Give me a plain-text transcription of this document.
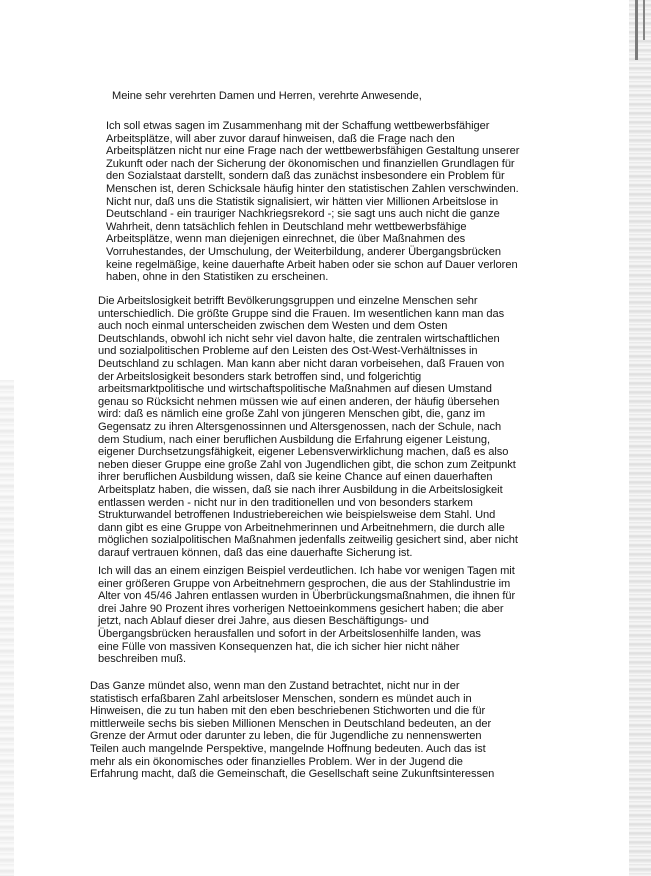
Meine sehr verehrten Damen und Herren, verehrte Anwesende,

Ich soll etwas sagen im Zusammenhang mit der Schaffung wettbewerbsfähiger
Arbeitsplätze, will aber zuvor darauf hinweisen, daß die Frage nach den
Arbeitsplätzen nicht nur eine Frage nach der wettbewerbsfähigen Gestaltung unserer
Zukunft oder nach der Sicherung der ökonomischen und finanziellen Grundlagen für
den Sozialstaat darstellt, sondern daß das zunächst insbesondere ein Problem für
Menschen ist, deren Schicksale häufig hinter den statistischen Zahlen verschwinden.
Nicht nur, daß uns die Statistik signalisiert, wir hätten vier Millionen Arbeitslose in
Deutschland - ein trauriger Nachkriegsrekord -; sie sagt uns auch nicht die ganze
Wahrheit, denn tatsächlich fehlen in Deutschland mehr wettbewerbsfähige
Arbeitsplätze, wenn man diejenigen einrechnet, die über Maßnahmen des
Vorruhestandes, der Umschulung, der Weiterbildung, anderer Übergangsbrücken
keine regelmäßige, keine dauerhafte Arbeit haben oder sie schon auf Dauer verloren
haben, ohne in den Statistiken zu erscheinen.
Die Arbeitslosigkeit betrifft Bevölkerungsgruppen und einzelne Menschen sehr
unterschiedlich. Die größte Gruppe sind die Frauen. Im wesentlichen kann man das
auch noch einmal unterscheiden zwischen dem Westen und dem Osten
Deutschlands, obwohl ich nicht sehr viel davon halte, die zentralen wirtschaftlichen
und sozialpolitischen Probleme auf den Leisten des Ost-West-Verhältnisses in
Deutschland zu schlagen. Man kann aber nicht daran vorbeisehen, daß Frauen von
der Arbeitslosigkeit besonders stark betroffen sind, und folgerichtig
arbeitsmarktpolitische und wirtschaftspolitische Maßnahmen auf diesen Umstand
genau so Rücksicht nehmen müssen wie auf einen anderen, der häufig übersehen
wird: daß es nämlich eine große Zahl von jüngeren Menschen gibt, die, ganz im
Gegensatz zu ihren Altersgenossinnen und Altersgenossen, nach der Schule, nach
dem Studium, nach einer beruflichen Ausbildung die Erfahrung eigener Leistung,
eigener Durchsetzungsfähigkeit, eigener Lebensverwirklichung machen, daß es also
neben dieser Gruppe eine große Zahl von Jugendlichen gibt, die schon zum Zeitpunkt
ihrer beruflichen Ausbildung wissen, daß sie keine Chance auf einen dauerhaften
Arbeitsplatz haben, die wissen, daß sie nach ihrer Ausbildung in die Arbeitslosigkeit
entlassen werden - nicht nur in den traditionellen und von besonders starkem
Strukturwandel betroffenen Industriebereichen wie beispielsweise dem Stahl. Und
dann gibt es eine Gruppe von Arbeitnehmerinnen und Arbeitnehmern, die durch alle
möglichen sozialpolitischen Maßnahmen jedenfalls zeitweilig gesichert sind, aber nicht
darauf vertrauen können, daß das eine dauerhafte Sicherung ist.
Ich will das an einem einzigen Beispiel verdeutlichen. Ich habe vor wenigen Tagen mit
einer größeren Gruppe von Arbeitnehmern gesprochen, die aus der Stahlindustrie im
Alter von 45/46 Jahren entlassen wurden in Überbrückungsmaßnahmen, die ihnen für
drei Jahre 90 Prozent ihres vorherigen Nettoeinkommens gesichert haben; die aber
jetzt, nach Ablauf dieser drei Jahre, aus diesen Beschäftigungs- und
Übergangsbrücken herausfallen und sofort in der Arbeitslosenhilfe landen, was
eine Fülle von massiven Konsequenzen hat, die ich sicher hier nicht näher
beschreiben muß.
Das Ganze mündet also, wenn man den Zustand betrachtet, nicht nur in der
statistisch erfaßbaren Zahl arbeitsloser Menschen, sondern es mündet auch in
Hinweisen, die zu tun haben mit den eben beschriebenen Stichworten und die für
mittlerweile sechs bis sieben Millionen Menschen in Deutschland bedeuten, an der
Grenze der Armut oder darunter zu leben, die für Jugendliche zu nennenswerten
Teilen auch mangelnde Perspektive, mangelnde Hoffnung bedeuten. Auch das ist
mehr als ein ökonomisches oder finanzielles Problem. Wer in der Jugend die
Erfahrung macht, daß die Gemeinschaft, die Gesellschaft seine Zukunftsinteressen
